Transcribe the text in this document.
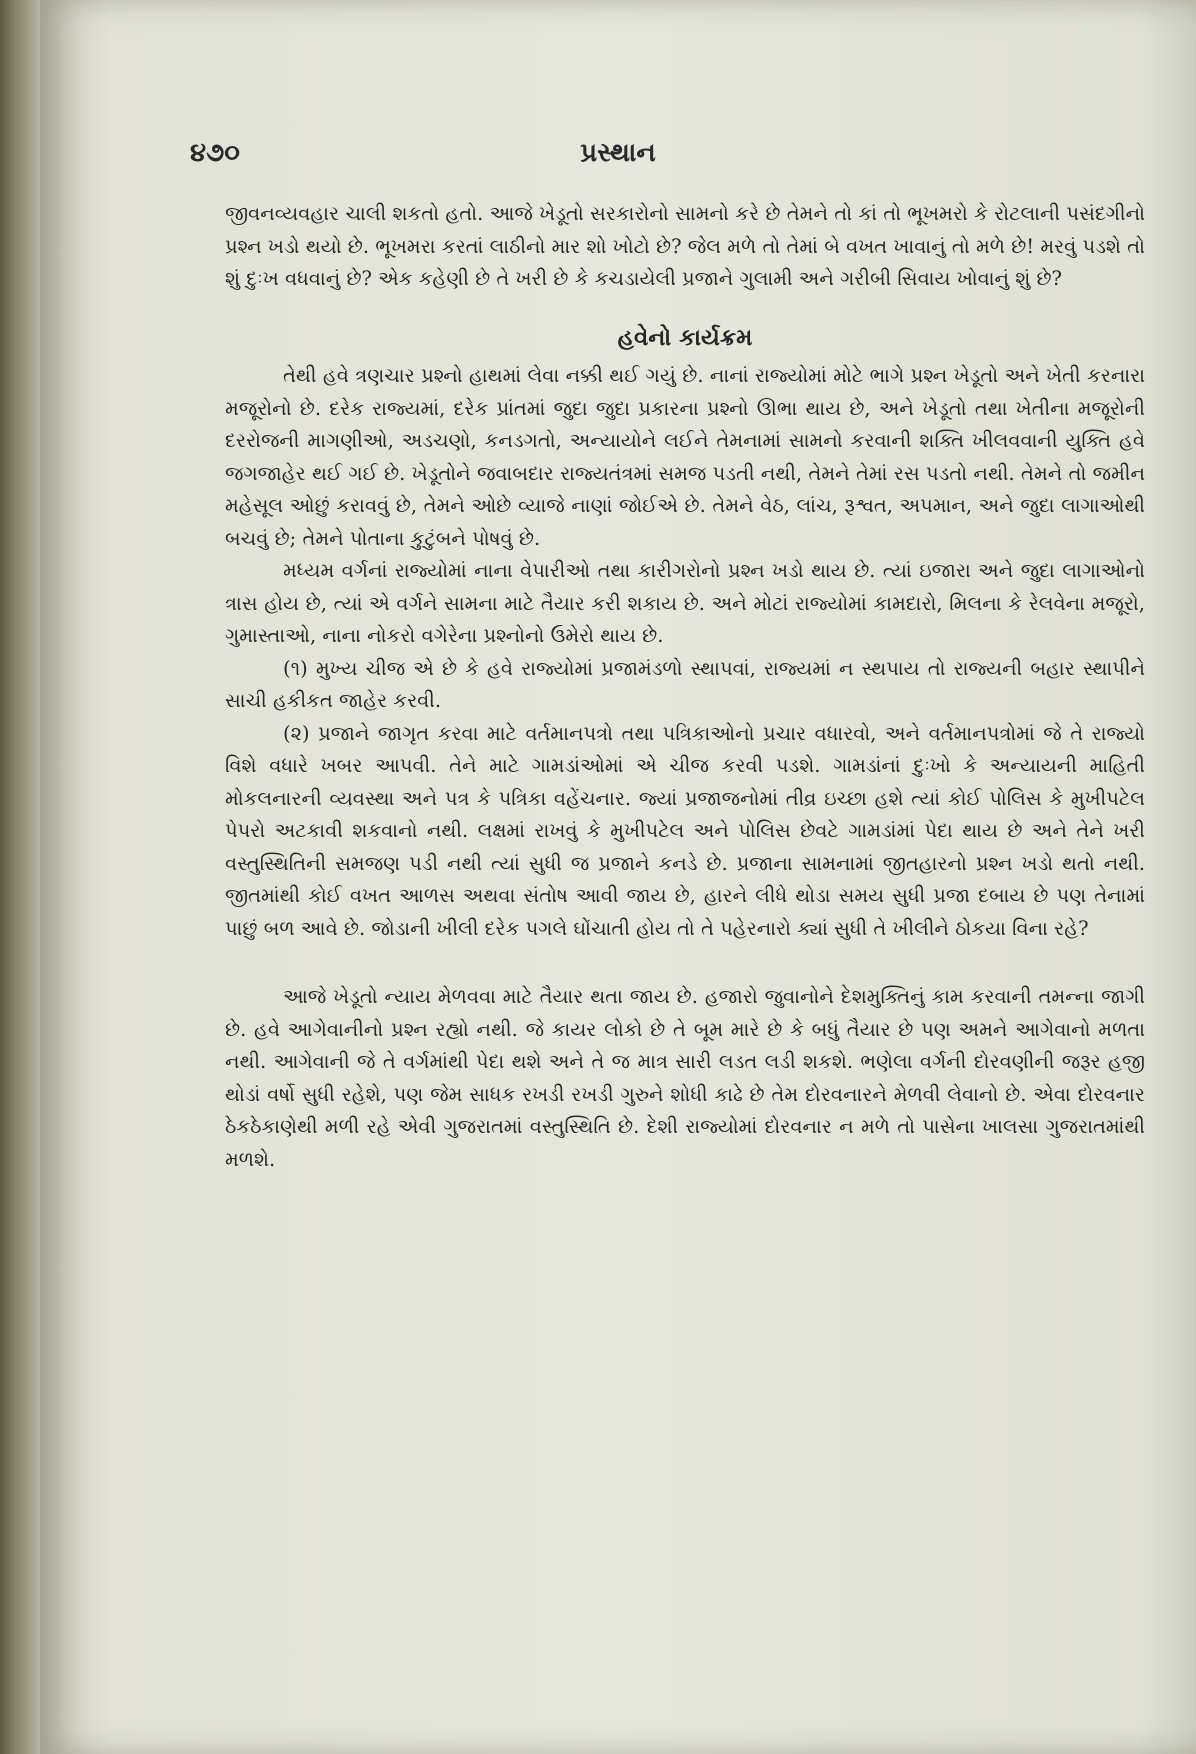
૪૭૦	પ્રસ્થાન

જીવનવ્યવહાર ચાલી શકતો હતો. આજે ખેડૂતો સરકારોનો સામનો કરે છે તેમને તો કાં તો ભૂખમરો કે રોટલાની પસંદગીનો પ્રશ્ન ખડો થયો છે. ભૂખમરા કરતાં લાઠીનો માર શો ખોટો છે? જેલ મળે તો તેમાં બે વખત ખાવાનું તો મળે છે! મરવું પડશે તો શું દુઃખ વધવાનું છે? એક કહેણી છે તે ખરી છે કે કચડાયેલી પ્રજાને ગુલામી અને ગરીબી સિવાય ખોવાનું શું છે?

હવેનો કાર્યક્રમ

તેથી હવે ત્રણચાર પ્રશ્નો હાથમાં લેવા નક્કી થઈ ગયું છે. નાનાં રાજ્યોમાં મોટે ભાગે પ્રશ્ન ખેડૂતો અને ખેતી કરનારા મજૂરોનો છે. દરેક રાજ્યમાં, દરેક પ્રાંતમાં જુદા જુદા પ્રકારના પ્રશ્નો ઊભા થાય છે, અને ખેડૂતો તથા ખેતીના મજૂરોની દરરોજની માગણીઓ, અડચણો, કનડગતો, અન્યાયોને લઈને તેમનામાં સામનો કરવાની શક્તિ ખીલવવાની યુક્તિ હવે જગજાહેર થઈ ગઈ છે. ખેડૂતોને જવાબદાર રાજ્યતંત્રમાં સમજ પડતી નથી, તેમને તેમાં રસ પડતો નથી. તેમને તો જમીન મહેસૂલ ઓછું કરાવવું છે, તેમને ઓછે વ્યાજે નાણાં જોઈએ છે. તેમને વેઠ, લાંચ, રૂશ્વત, અપમાન, અને જુદા લાગાઓથી બચવું છે; તેમને પોતાના કુટુંબને પોષવું છે.

મધ્યમ વર્ગનાં રાજ્યોમાં નાના વેપારીઓ તથા કારીગરોનો પ્રશ્ન ખડો થાય છે. ત્યાં ઇજારા અને જુદા લાગાઓનો ત્રાસ હોય છે, ત્યાં એ વર્ગને સામના માટે તૈયાર કરી શકાય છે. અને મોટાં રાજ્યોમાં કામદારો, મિલના કે રેલવેના મજૂરો, ગુમાસ્તાઓ, નાના નોકરો વગેરેના પ્રશ્નોનો ઉમેરો થાય છે.

(૧) મુખ્ય ચીજ એ છે કે હવે રાજ્યોમાં પ્રજામંડળો સ્થાપવાં, રાજ્યમાં ન સ્થપાય તો રાજ્યની બહાર સ્થાપીને સાચી હકીકત જાહેર કરવી.

(૨) પ્રજાને જાગૃત કરવા માટે વર્તમાનપત્રો તથા પત્રિકાઓનો પ્રચાર વધારવો, અને વર્તમાનપત્રોમાં જે તે રાજ્યો વિશે વધારે ખબર આપવી. તેને માટે ગામડાંઓમાં એ ચીજ કરવી પડશે. ગામડાંનાં દુઃખો કે અન્યાયની માહિતી મોકલનારની વ્યવસ્થા અને પત્ર કે પત્રિકા વહેંચનાર. જ્યાં પ્રજાજનોમાં તીવ્ર ઇચ્છા હશે ત્યાં કોઈ પોલિસ કે મુખીપટેલ પેપરો અટકાવી શકવાનો નથી. લક્ષમાં રાખવું કે મુખીપટેલ અને પોલિસ છેવટે ગામડાંમાં પેદા થાય છે અને તેને ખરી વસ્તુસ્થિતિની સમજણ પડી નથી ત્યાં સુધી જ પ્રજાને કનડે છે. પ્રજાના સામનામાં જીતહારનો પ્રશ્ન ખડો થતો નથી. જીતમાંથી કોઈ વખત આળસ અથવા સંતોષ આવી જાય છે, હારને લીધે થોડા સમય સુધી પ્રજા દબાય છે પણ તેનામાં પાછું બળ આવે છે. જોડાની ખીલી દરેક પગલે ઘોંચાતી હોય તો તે પહેરનારો ક્યાં સુધી તે ખીલીને ઠોકયા વિના રહે?

આજે ખેડૂતો ન્યાય મેળવવા માટે તૈયાર થતા જાય છે. હજારો જુવાનોને દેશમુક્તિનું કામ કરવાની તમન્ના જાગી છે. હવે આગેવાનીનો પ્રશ્ન રહ્યો નથી. જે કાયર લોકો છે તે બૂમ મારે છે કે બધું તૈયાર છે પણ અમને આગેવાનો મળતા નથી. આગેવાની જે તે વર્ગમાંથી પેદા થશે અને તે જ માત્ર સારી લડત લડી શકશે. ભણેલા વર્ગની દોરવણીની જરૂર હજી થોડાં વર્ષો સુધી રહેશે, પણ જેમ સાધક રખડી રખડી ગુરુને શોધી કાઢે છે તેમ દોરવનારને મેળવી લેવાનો છે. એવા દોરવનાર ઠેકઠેકાણેથી મળી રહે એવી ગુજરાતમાં વસ્તુસ્થિતિ છે. દેશી રાજ્યોમાં દોરવનાર ન મળે તો પાસેના ખાલસા ગુજરાતમાંથી મળશે.
